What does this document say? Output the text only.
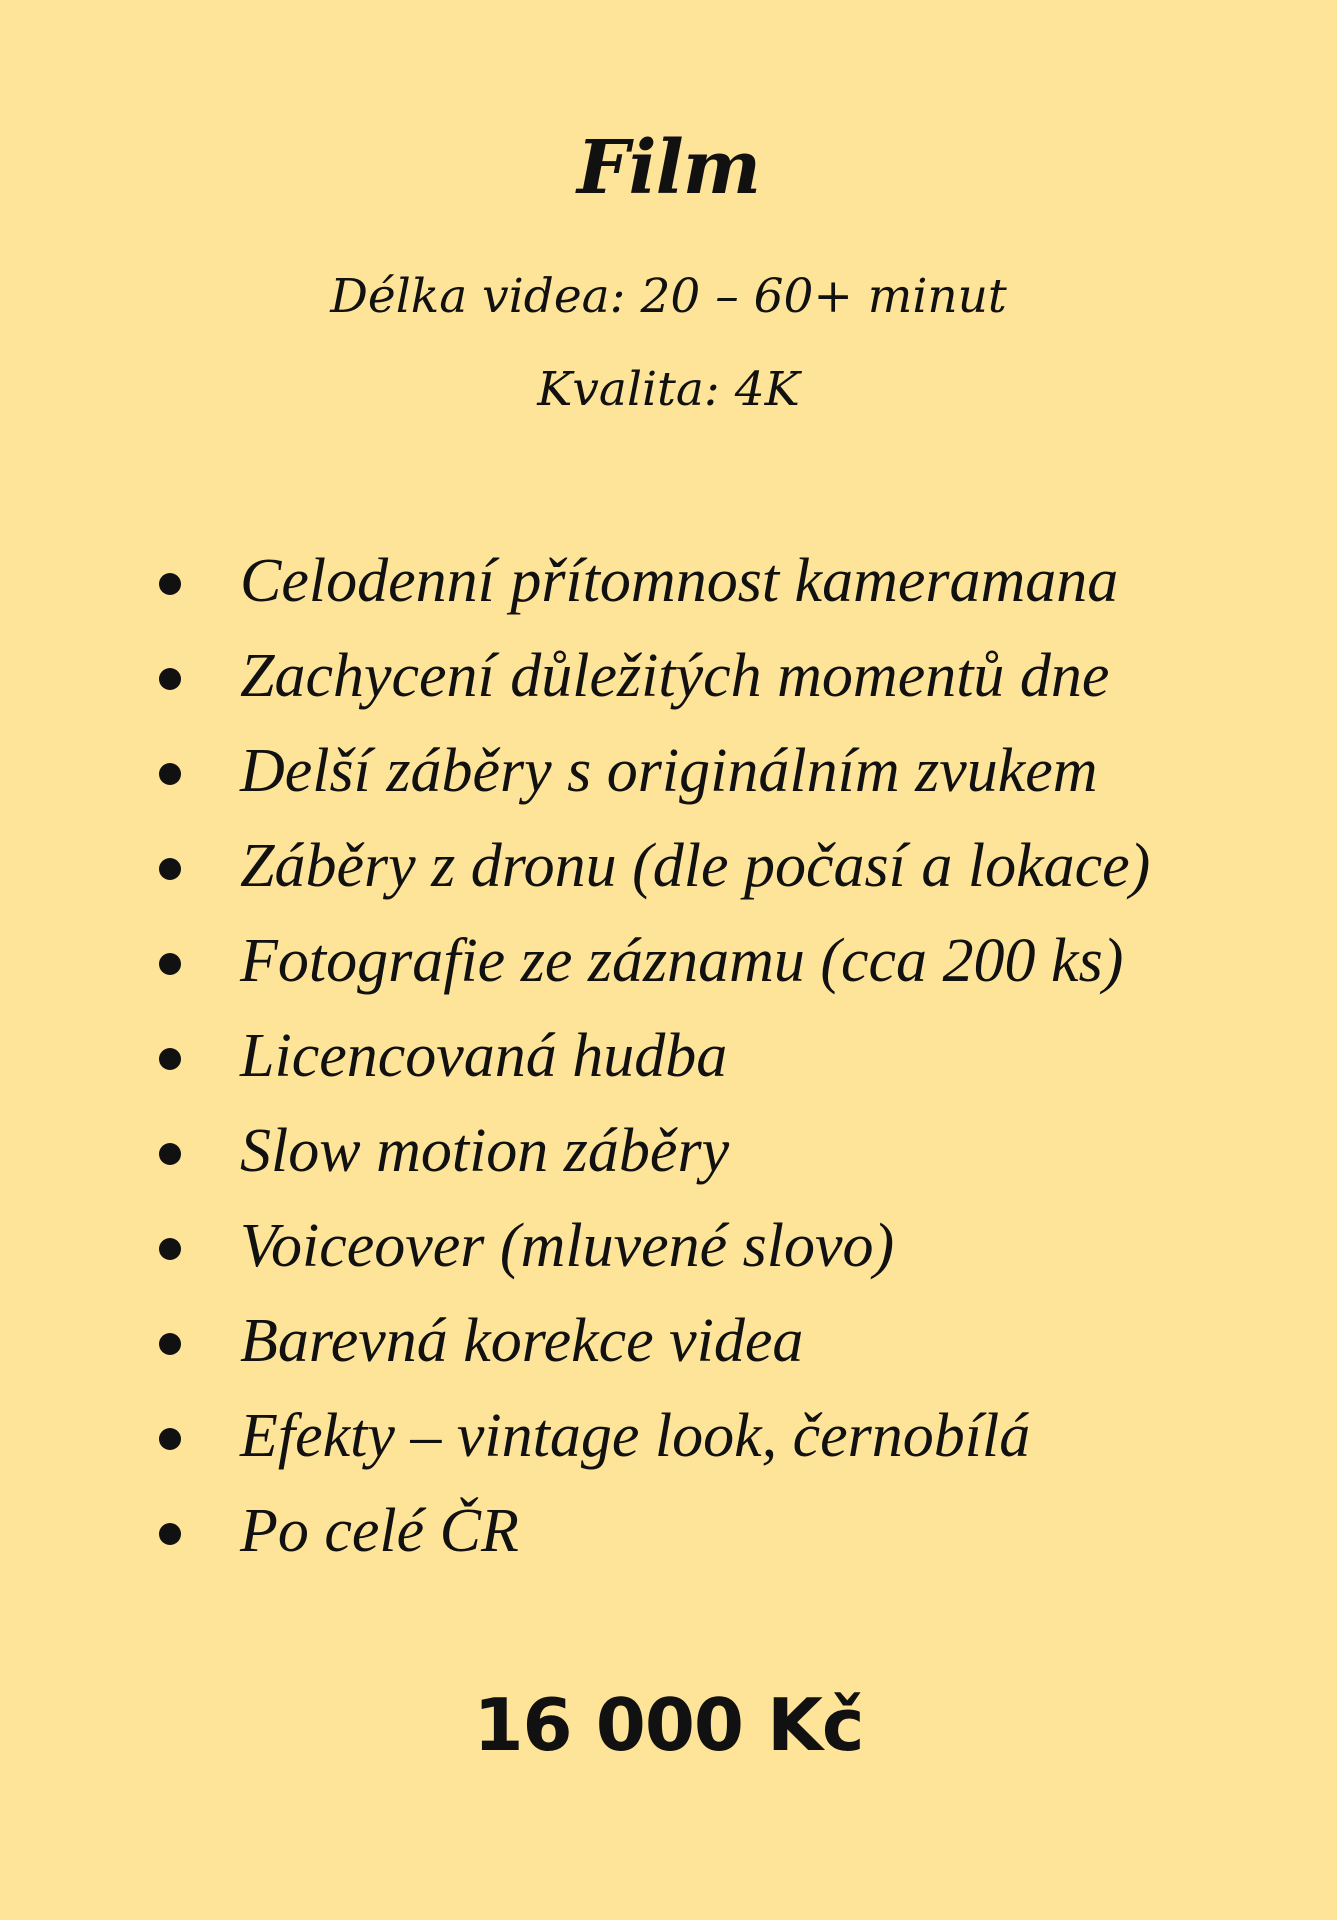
Film

Délka videa: 20 – 60+ minut

Kvalita: 4K

Celodenní přítomnost kameramana
Zachycení důležitých momentů dne
Delší záběry s originálním zvukem
Záběry z dronu (dle počasí a lokace)
Fotografie ze záznamu (cca 200 ks)
Licencovaná hudba
Slow motion záběry
Voiceover (mluvené slovo)
Barevná korekce videa
Efekty – vintage look, černobílá
Po celé ČR

16 000 Kč
